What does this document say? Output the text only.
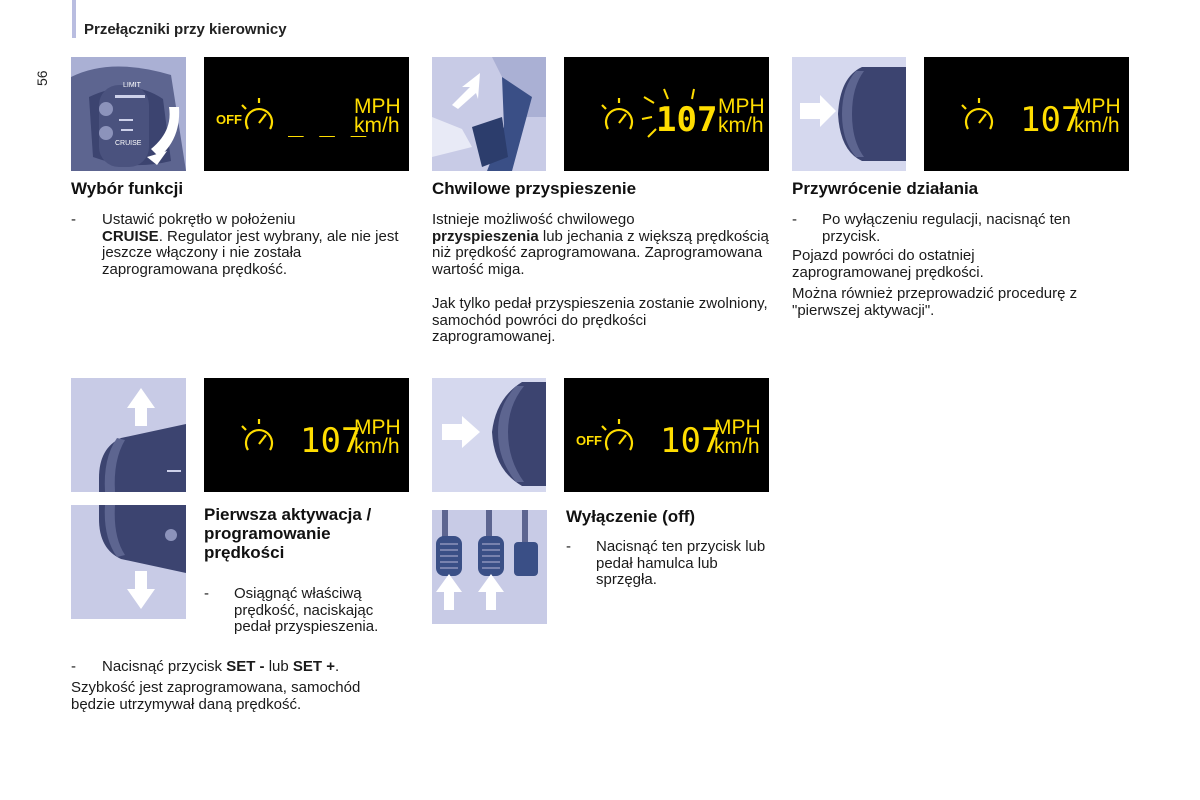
Przełączniki przy kierownicy
56	LIMIT
CRUISE
OFF _ _ _
MPH
km/h	107 MPH
km/h	107
MPH
km/h
Wybór funkcji
-	Ustawić pokrętło w położeniu
CRUISE. Regulator jest wybrany, ale nie jest jeszcze włączony i nie została zaprogramowana prędkość.
Chwilowe przyspieszenie
Istnieje możliwość chwilowego
przyspieszenia lub jechania z większą prędkością niż prędkość zaprogramowana. Zaprogramowana wartość miga.
Jak tylko pedał przyspieszenia zostanie zwolniony, samochód powróci do prędkości zaprogramowanej.
Przywrócenie działania
-	Po wyłączeniu regulacji, nacisnąć ten przycisk.
Pojazd powróci do ostatniej zaprogramowanej prędkości.
Można również przeprowadzić procedurę z "pierwszej aktywacji".
107
MPH
km/h	OFF 107
MPH
km/h
Pierwsza aktywacja / programowanie prędkości
-	Osiągnąć właściwą prędkość, naciskając pedał przyspieszenia.
-	Nacisnąć przycisk SET - lub SET +.
Szybkość jest zaprogramowana, samochód będzie utrzymywał daną prędkość.
Wyłączenie (off)
-	Nacisnąć ten przycisk lub pedał hamulca lub sprzęgła.
